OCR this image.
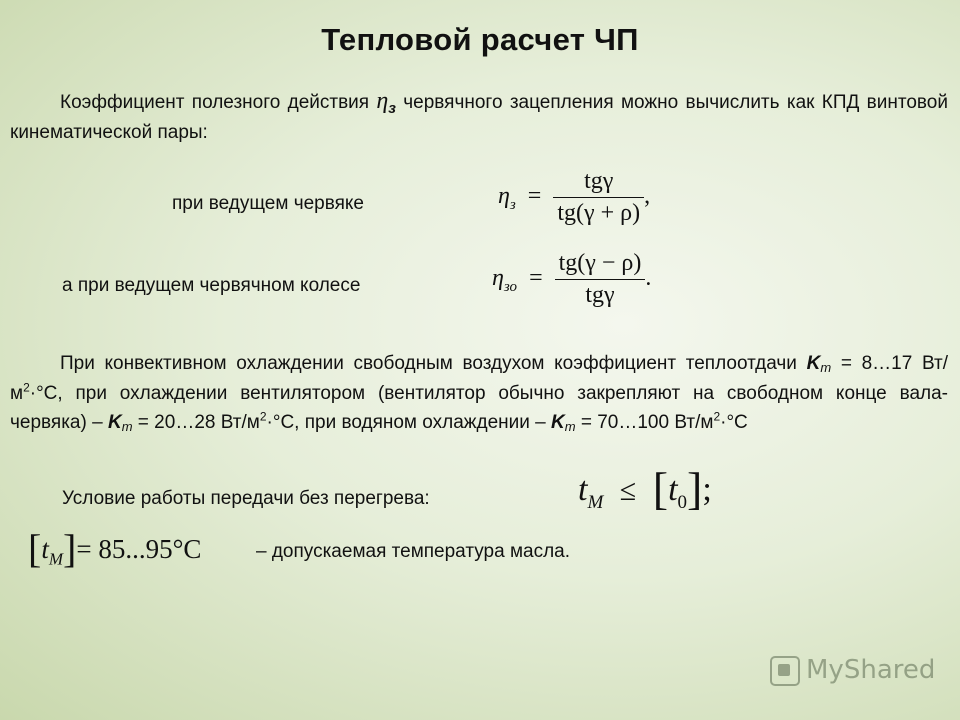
Тепловой расчет ЧП
Коэффициент полезного действия $\eta_з$ червячного зацепления можно вычислить как КПД винтовой кинематической пары:
при ведущем червяке	$\eta_з = \frac{\text{tgγ}}{tg(\gamma + \rho)}$ ,
а при ведущем червячном колесе	$\eta_{зо} = \frac{tg(\gamma - \rho)}{\text{tgγ}}$ .
При конвективном охлаждении свободным воздухом коэффициент теплоотдачи Kт = 8…17 $Вт/м^2\cdot^\circ С$, при охлаждении вентилятором (вентилятор обычно закрепляют на свободном конце вала-червяка) – Kт = 20…28 $Вт/м^2\cdot^\circ С$, при водяном охлаждении – Kт = 70…100 $Вт/м^2\cdot^\circ С$
Условие работы передачи без перегрева:	$t_M \le [t_0]$;
$[t_M]= 85...95^\circ C$	– допускаемая температура масла.
MyShared
